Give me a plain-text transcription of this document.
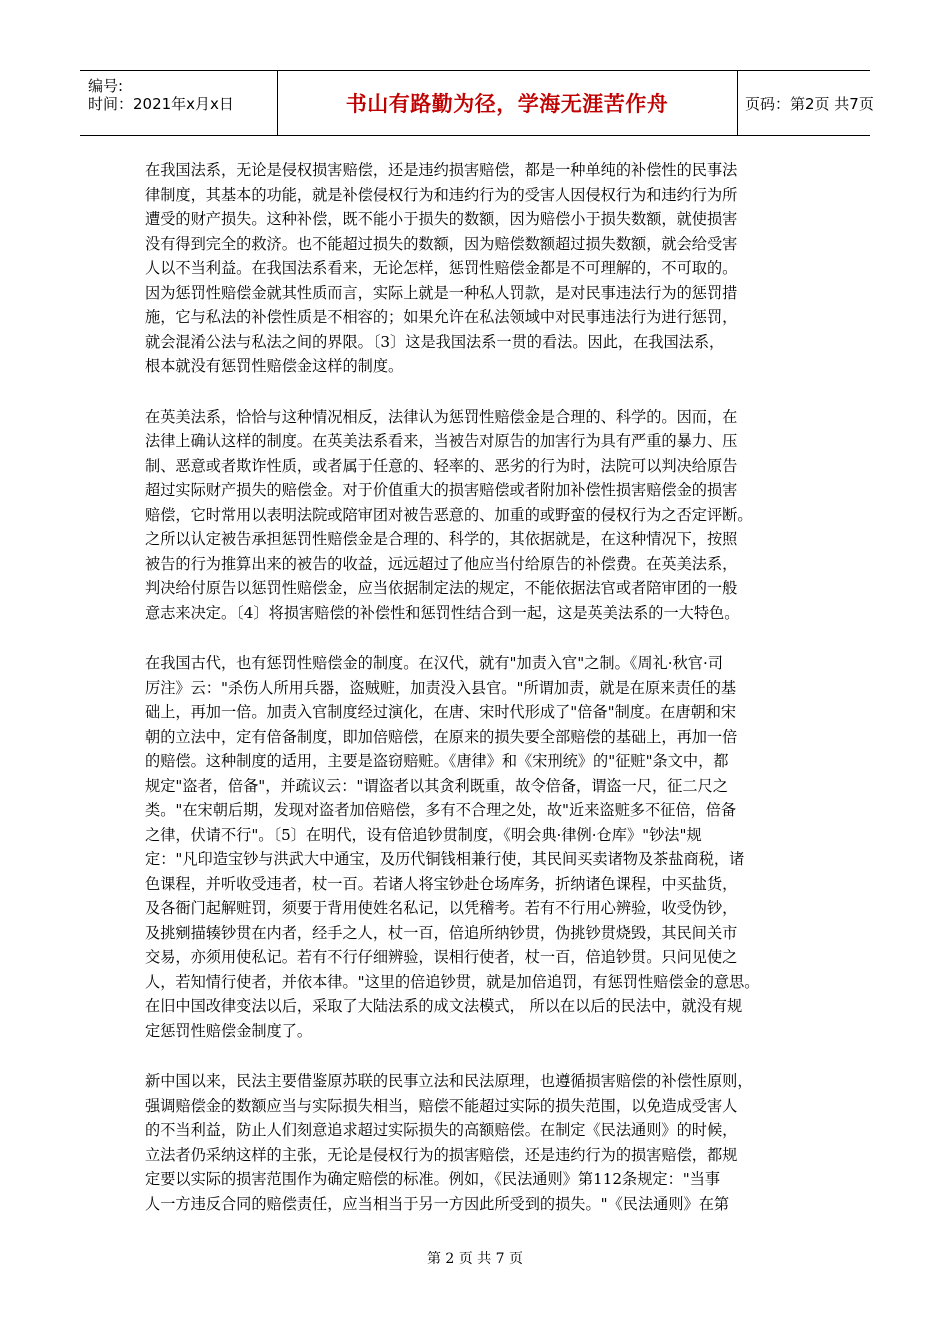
编号:
时间：2021年x月x日	书山有路勤为径，学海无涯苦作舟	页码：第2页 共7页
在我国法系，无论是侵权损害赔偿，还是违约损害赔偿，都是一种单纯的补偿性的民事法
律制度，其基本的功能，就是补偿侵权行为和违约行为的受害人因侵权行为和违约行为所
遭受的财产损失。这种补偿，既不能小于损失的数额，因为赔偿小于损失数额，就使损害
没有得到完全的救济。也不能超过损失的数额，因为赔偿数额超过损失数额，就会给受害
人以不当利益。在我国法系看来，无论怎样，惩罚性赔偿金都是不可理解的，不可取的。
因为惩罚性赔偿金就其性质而言，实际上就是一种私人罚款，是对民事违法行为的惩罚措
施，它与私法的补偿性质是不相容的；如果允许在私法领域中对民事违法行为进行惩罚，
就会混淆公法与私法之间的界限。〔3〕这是我国法系一贯的看法。因此，在我国法系，
根本就没有惩罚性赔偿金这样的制度。
在英美法系，恰恰与这种情况相反，法律认为惩罚性赔偿金是合理的、科学的。因而，在
法律上确认这样的制度。在英美法系看来，当被告对原告的加害行为具有严重的暴力、压
制、恶意或者欺诈性质，或者属于任意的、轻率的、恶劣的行为时，法院可以判决给原告
超过实际财产损失的赔偿金。对于价值重大的损害赔偿或者附加补偿性损害赔偿金的损害
赔偿，它时常用以表明法院或陪审团对被告恶意的、加重的或野蛮的侵权行为之否定评断。
之所以认定被告承担惩罚性赔偿金是合理的、科学的，其依据就是，在这种情况下，按照
被告的行为推算出来的被告的收益，远远超过了他应当付给原告的补偿费。在英美法系，
判决给付原告以惩罚性赔偿金，应当依据制定法的规定，不能依据法官或者陪审团的一般
意志来决定。〔4〕将损害赔偿的补偿性和惩罚性结合到一起，这是英美法系的一大特色。
在我国古代，也有惩罚性赔偿金的制度。在汉代，就有"加责入官"之制。《周礼·秋官·司
厉注》云："杀伤人所用兵器，盗贼赃，加责没入县官。"所谓加责，就是在原来责任的基
础上，再加一倍。加责入官制度经过演化，在唐、宋时代形成了"倍备"制度。在唐朝和宋
朝的立法中，定有倍备制度，即加倍赔偿，在原来的损失要全部赔偿的基础上，再加一倍
的赔偿。这种制度的适用，主要是盗窃赔赃。《唐律》和《宋刑统》的"征赃"条文中，都
规定"盗者，倍备"，并疏议云："谓盗者以其贪利既重，故令倍备，谓盗一尺，征二尺之
类。"在宋朝后期，发现对盗者加倍赔偿，多有不合理之处，故"近来盗赃多不征倍，倍备
之律，伏请不行"。〔5〕在明代，设有倍追钞贯制度，《明会典·律例·仓库》"钞法"规
定："凡印造宝钞与洪武大中通宝，及历代铜钱相兼行使，其民间买卖诸物及茶盐商税，诸
色课程，并听收受违者，杖一百。若诸人将宝钞赴仓场库务，折纳诸色课程，中买盐货，
及各衙门起解赃罚，须要于背用使姓名私记，以凭稽考。若有不行用心辨验，收受伪钞，
及挑剜描辏钞贯在内者，经手之人，杖一百，倍追所纳钞贯，伪挑钞贯烧毁，其民间关市
交易，亦须用使私记。若有不行仔细辨验，误相行使者，杖一百，倍追钞贯。只问见使之
人，若知情行使者，并依本律。"这里的倍追钞贯，就是加倍追罚，有惩罚性赔偿金的意思。
在旧中国改律变法以后，采取了大陆法系的成文法模式， 所以在以后的民法中，就没有规
定惩罚性赔偿金制度了。
新中国以来，民法主要借鉴原苏联的民事立法和民法原理，也遵循损害赔偿的补偿性原则，
强调赔偿金的数额应当与实际损失相当，赔偿不能超过实际的损失范围，以免造成受害人
的不当利益，防止人们刻意追求超过实际损失的高额赔偿。在制定《民法通则》的时候，
立法者仍采纳这样的主张，无论是侵权行为的损害赔偿，还是违约行为的损害赔偿，都规
定要以实际的损害范围作为确定赔偿的标准。例如，《民法通则》第112条规定："当事
人一方违反合同的赔偿责任，应当相当于另一方因此所受到的损失。"《民法通则》在第
第 2 页 共 7 页
